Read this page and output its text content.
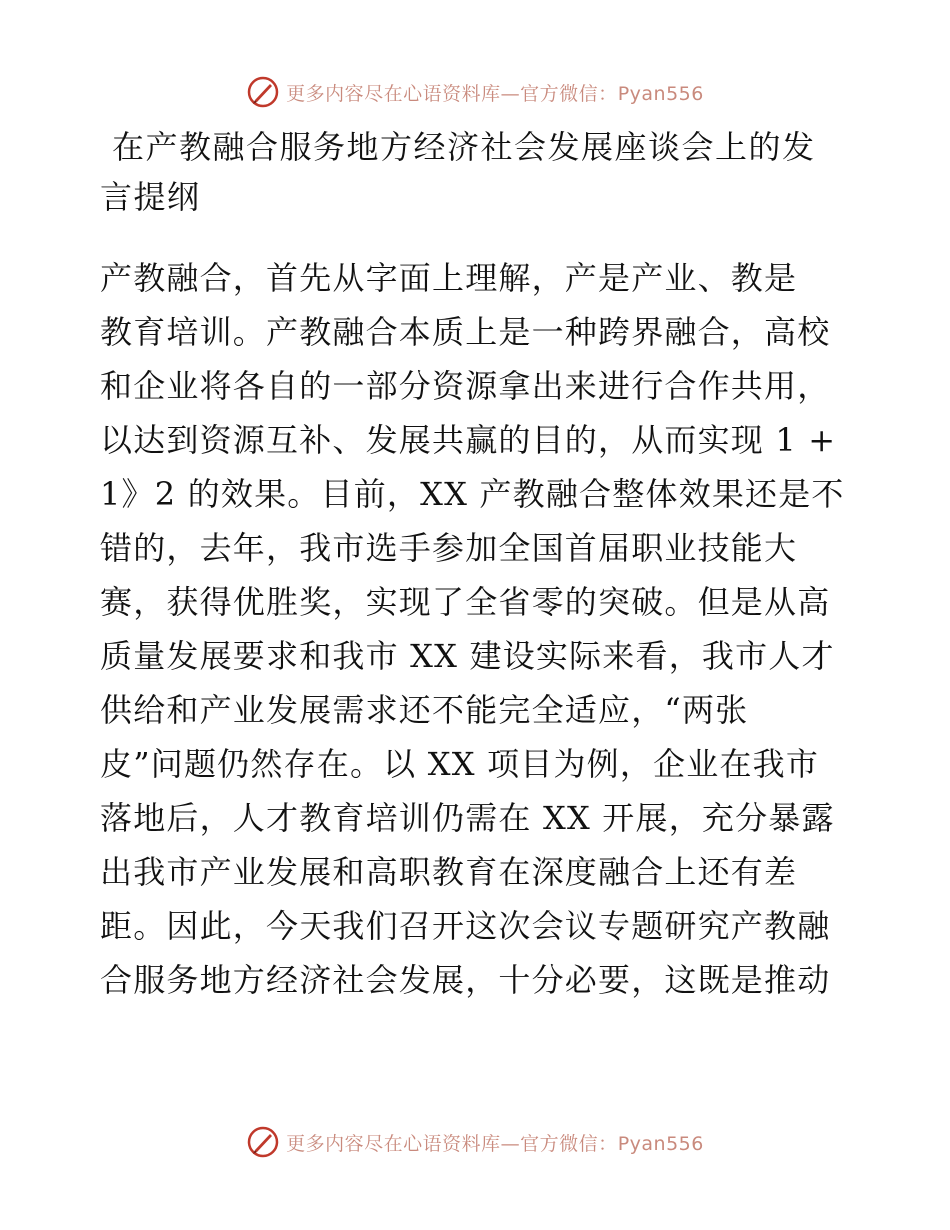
更多内容尽在心语资料库—官方微信：Pyan556
在产教融合服务地方经济社会发展座谈会上的发
言提纲
产教融合，首先从字面上理解，产是产业、教是
教育培训。产教融合本质上是一种跨界融合，高校
和企业将各自的一部分资源拿出来进行合作共用，
以达到资源互补、发展共赢的目的，从而实现 1 +
1》2 的效果。目前，XX 产教融合整体效果还是不
错的，去年，我市选手参加全国首届职业技能大
赛，获得优胜奖，实现了全省零的突破。但是从高
质量发展要求和我市 XX 建设实际来看，我市人才
供给和产业发展需求还不能完全适应，“两张
皮”问题仍然存在。以 XX 项目为例，企业在我市
落地后，人才教育培训仍需在 XX 开展，充分暴露
出我市产业发展和高职教育在深度融合上还有差
距。因此，今天我们召开这次会议专题研究产教融
合服务地方经济社会发展，十分必要，这既是推动
更多内容尽在心语资料库—官方微信：Pyan556
